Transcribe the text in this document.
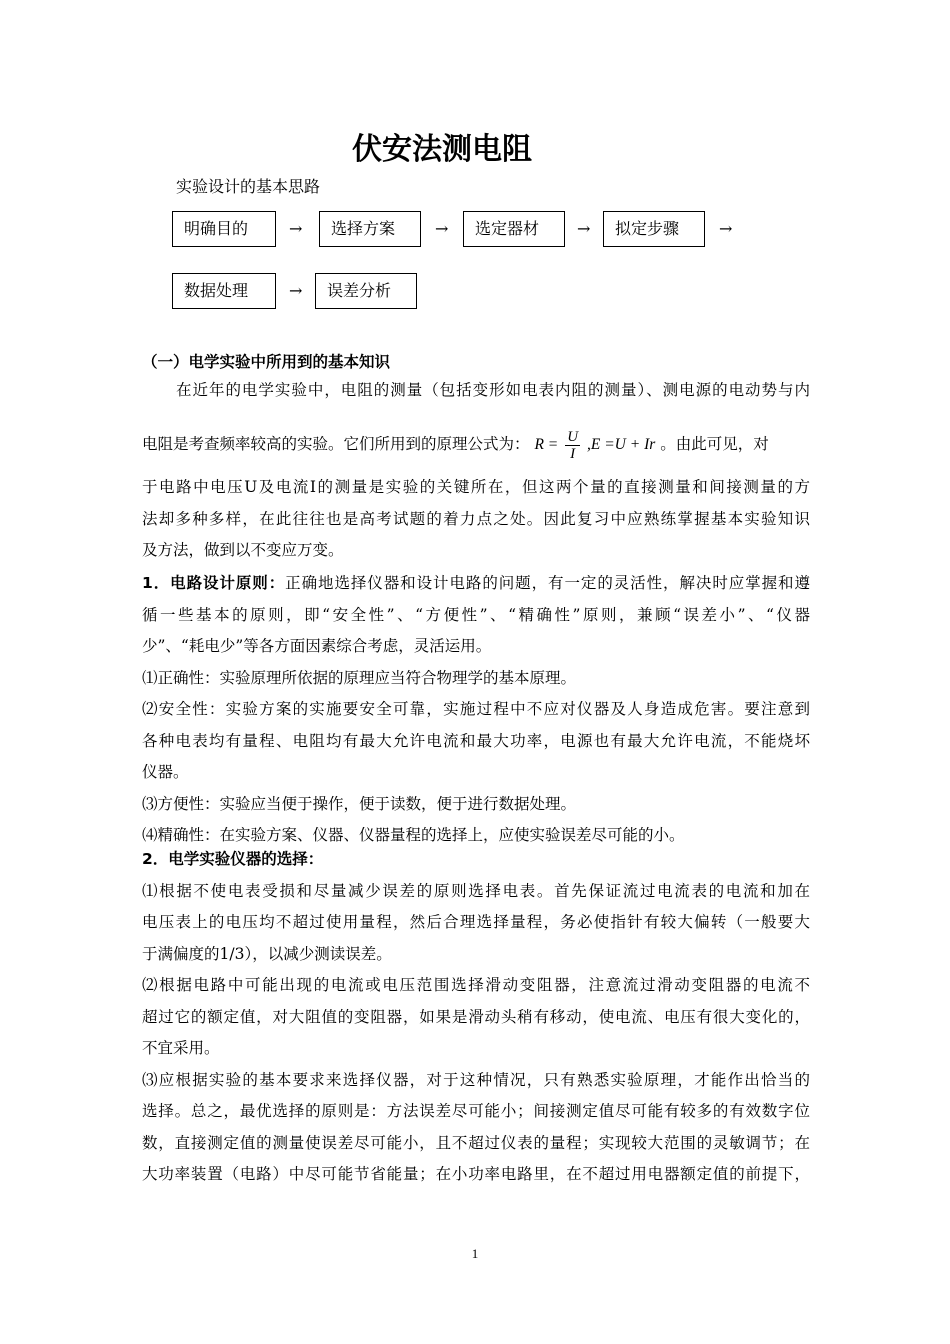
伏安法测电阻
实验设计的基本思路
明确目的	→	选择方案	→	选定器材	→	拟定步骤	→
数据处理	→	误差分析
（一）电学实验中所用到的基本知识
在近年的电学实验中，电阻的测量（包括变形如电表内阻的测量）、测电源的电动势与内
电阻是考查频率较高的实验。它们所用到的原理公式为： $R = \frac{U}{I} ,E =U + Ir$ 。由此可见，对
于电路中电压U及电流I的测量是实验的关键所在，但这两个量的直接测量和间接测量的方
法却多种多样，在此往往也是高考试题的着力点之处。因此复习中应熟练掌握基本实验知识
及方法，做到以不变应万变。
1．电路设计原则：正确地选择仪器和设计电路的问题，有一定的灵活性，解决时应掌握和遵
循一些基本的原则，即“安全性”、“方便性”、“精确性”原则，兼顾“误差小”、“仪器
少”、“耗电少”等各方面因素综合考虑，灵活运用。
⑴正确性：实验原理所依据的原理应当符合物理学的基本原理。
⑵安全性：实验方案的实施要安全可靠，实施过程中不应对仪器及人身造成危害。要注意到
各种电表均有量程、电阻均有最大允许电流和最大功率，电源也有最大允许电流，不能烧坏
仪器。
⑶方便性：实验应当便于操作，便于读数，便于进行数据处理。
⑷精确性：在实验方案、仪器、仪器量程的选择上，应使实验误差尽可能的小。
2．电学实验仪器的选择：
⑴根据不使电表受损和尽量减少误差的原则选择电表。首先保证流过电流表的电流和加在
电压表上的电压均不超过使用量程，然后合理选择量程，务必使指针有较大偏转（一般要大
于满偏度的1/3），以减少测读误差。
⑵根据电路中可能出现的电流或电压范围选择滑动变阻器，注意流过滑动变阻器的电流不
超过它的额定值，对大阻值的变阻器，如果是滑动头稍有移动，使电流、电压有很大变化的，
不宜采用。
⑶应根据实验的基本要求来选择仪器，对于这种情况，只有熟悉实验原理，才能作出恰当的
选择。总之，最优选择的原则是：方法误差尽可能小；间接测定值尽可能有较多的有效数字位
数，直接测定值的测量使误差尽可能小，且不超过仪表的量程；实现较大范围的灵敏调节；在
大功率装置（电路）中尽可能节省能量；在小功率电路里，在不超过用电器额定值的前提下，
1
